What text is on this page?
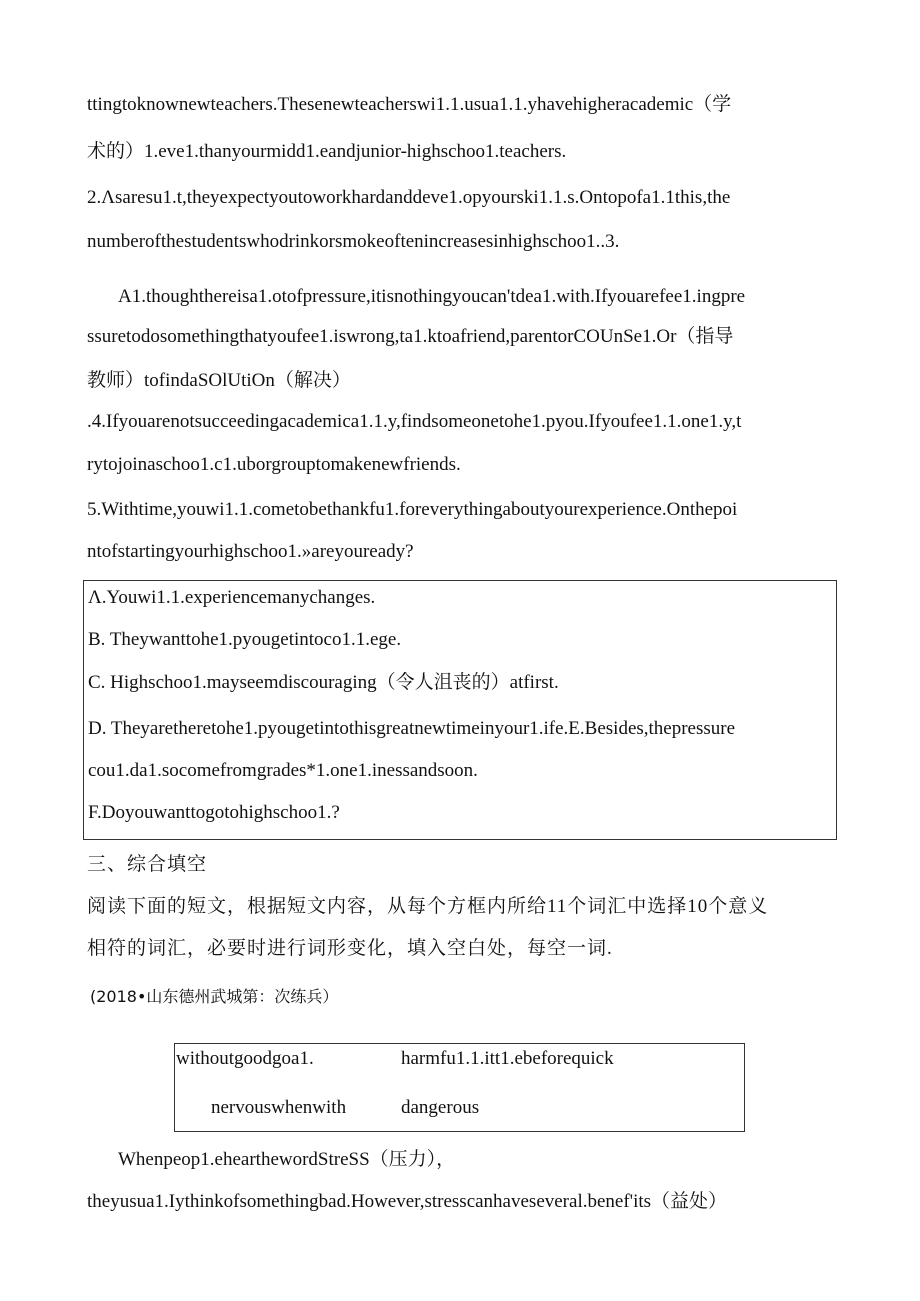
ttingtoknownewteachers.Thesenewteacherswi1.1.usua1.1.yhavehigheracademic（学
术的）1.eve1.thanyourmidd1.eandjunior-highschoo1.teachers.
2.Λsaresu1.t,theyexpectyoutoworkhardanddeve1.opyourski1.1.s.Ontopofa1.1this,the
numberofthestudentswhodrinkorsmokeoftenincreasesinhighschoo1..3.
A1.thoughthereisa1.otofpressure,itisnothingyoucan'tdea1.with.Ifyouarefee1.ingpre
ssuretodosomethingthatyoufee1.iswrong,ta1.ktoafriend,parentorCOUnSe1.Or（指导
教师）tofindaSOlUtiOn（解决）
.4.Ifyouarenotsucceedingacademica1.1.y,findsomeonetohe1.pyou.Ifyoufee1.1.one1.y,t
rytojoinaschoo1.c1.uborgrouptomakenewfriends.
5.Withtime,youwi1.1.cometobethankfu1.foreverythingaboutyourexperience.Onthepoi
ntofstartingyourhighschoo1.»areyouready?
Λ.Youwi1.1.experiencemanychanges.
B. Theywanttohe1.pyougetintoco1.1.ege.
C. Highschoo1.mayseemdiscouraging（令人沮丧的）atfirst.
D. Theyaretheretohe1.pyougetintothisgreatnewtimeinyour1.ife.E.Besides,thepressure
cou1.da1.socomefromgrades*1.one1.inessandsoon.
F.Doyouwanttogotohighschoo1.?
三、综合填空
阅读下面的短文，根据短文内容，从每个方框内所给11个词汇中选择10个意义
相符的词汇，必要时进行词形变化，填入空白处，每空一词.
(2018•山东德州武城第：次练兵）
withoutgoodgoa1.	harmfu1.1.itt1.ebeforequick
nervouswhenwith	dangerous
Whenpeop1.ehearthewordStreSS（压力），
theyusua1.Iythinkofsomethingbad.However,stresscanhaveseveral.benef'its（益处）
